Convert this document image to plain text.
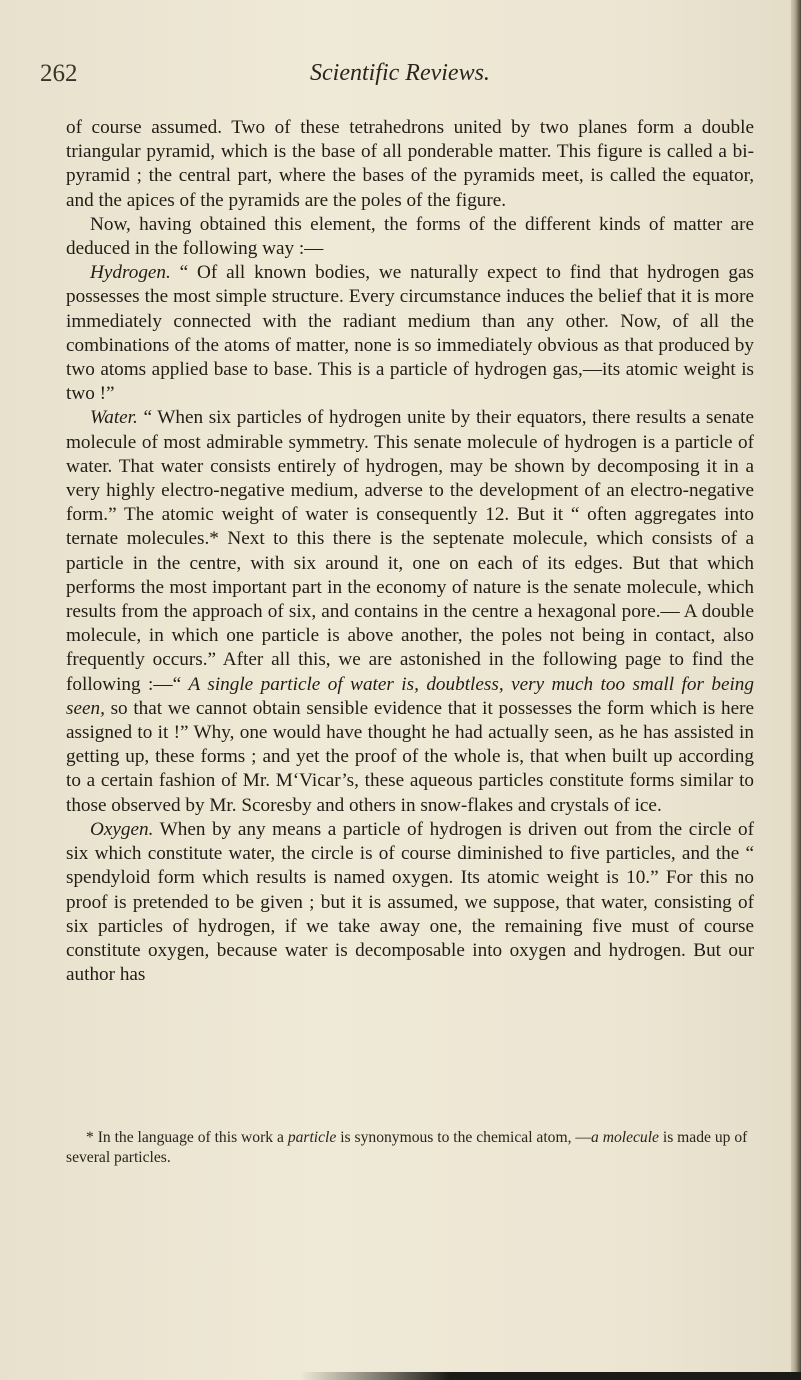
262	Scientific Reviews.

of course assumed. Two of these tetrahedrons united by two planes form a double triangular pyramid, which is the base of all ponderable matter. This figure is called a bi-pyramid ; the central part, where the bases of the pyramids meet, is called the equator, and the apices of the pyramids are the poles of the figure.

Now, having obtained this element, the forms of the different kinds of matter are deduced in the following way :—

Hydrogen. “ Of all known bodies, we naturally expect to find that hydrogen gas possesses the most simple structure. Every circumstance induces the belief that it is more immediately connected with the radiant medium than any other. Now, of all the combinations of the atoms of matter, none is so immediately obvious as that produced by two atoms applied base to base. This is a particle of hydrogen gas,—its atomic weight is two !”

Water. “ When six particles of hydrogen unite by their equators, there results a senate molecule of most admirable symmetry. This senate molecule of hydrogen is a particle of water. That water consists entirely of hydrogen, may be shown by decomposing it in a very highly electro-negative medium, adverse to the development of an electro-negative form.” The atomic weight of water is consequently 12. But it “ often aggregates into ternate molecules.* Next to this there is the septenate molecule, which consists of a particle in the centre, with six around it, one on each of its edges. But that which performs the most important part in the economy of nature is the senate molecule, which results from the approach of six, and contains in the centre a hexagonal pore.— A double molecule, in which one particle is above another, the poles not being in contact, also frequently occurs.” After all this, we are astonished in the following page to find the following :—“ A single particle of water is, doubtless, very much too small for being seen, so that we cannot obtain sensible evidence that it possesses the form which is here assigned to it !” Why, one would have thought he had actually seen, as he has assisted in getting up, these forms ; and yet the proof of the whole is, that when built up according to a certain fashion of Mr. M‘Vicar’s, these aqueous particles constitute forms similar to those observed by Mr. Scoresby and others in snow-flakes and crystals of ice.

Oxygen. When by any means a particle of hydrogen is driven out from the circle of six which constitute water, the circle is of course diminished to five particles, and the “ spendyloid form which results is named oxygen. Its atomic weight is 10.” For this no proof is pretended to be given ; but it is assumed, we suppose, that water, consisting of six particles of hydrogen, if we take away one, the remaining five must of course constitute oxygen, because water is decomposable into oxygen and hydrogen. But our author has

* In the language of this work a particle is synonymous to the chemical atom, —a molecule is made up of several particles.
